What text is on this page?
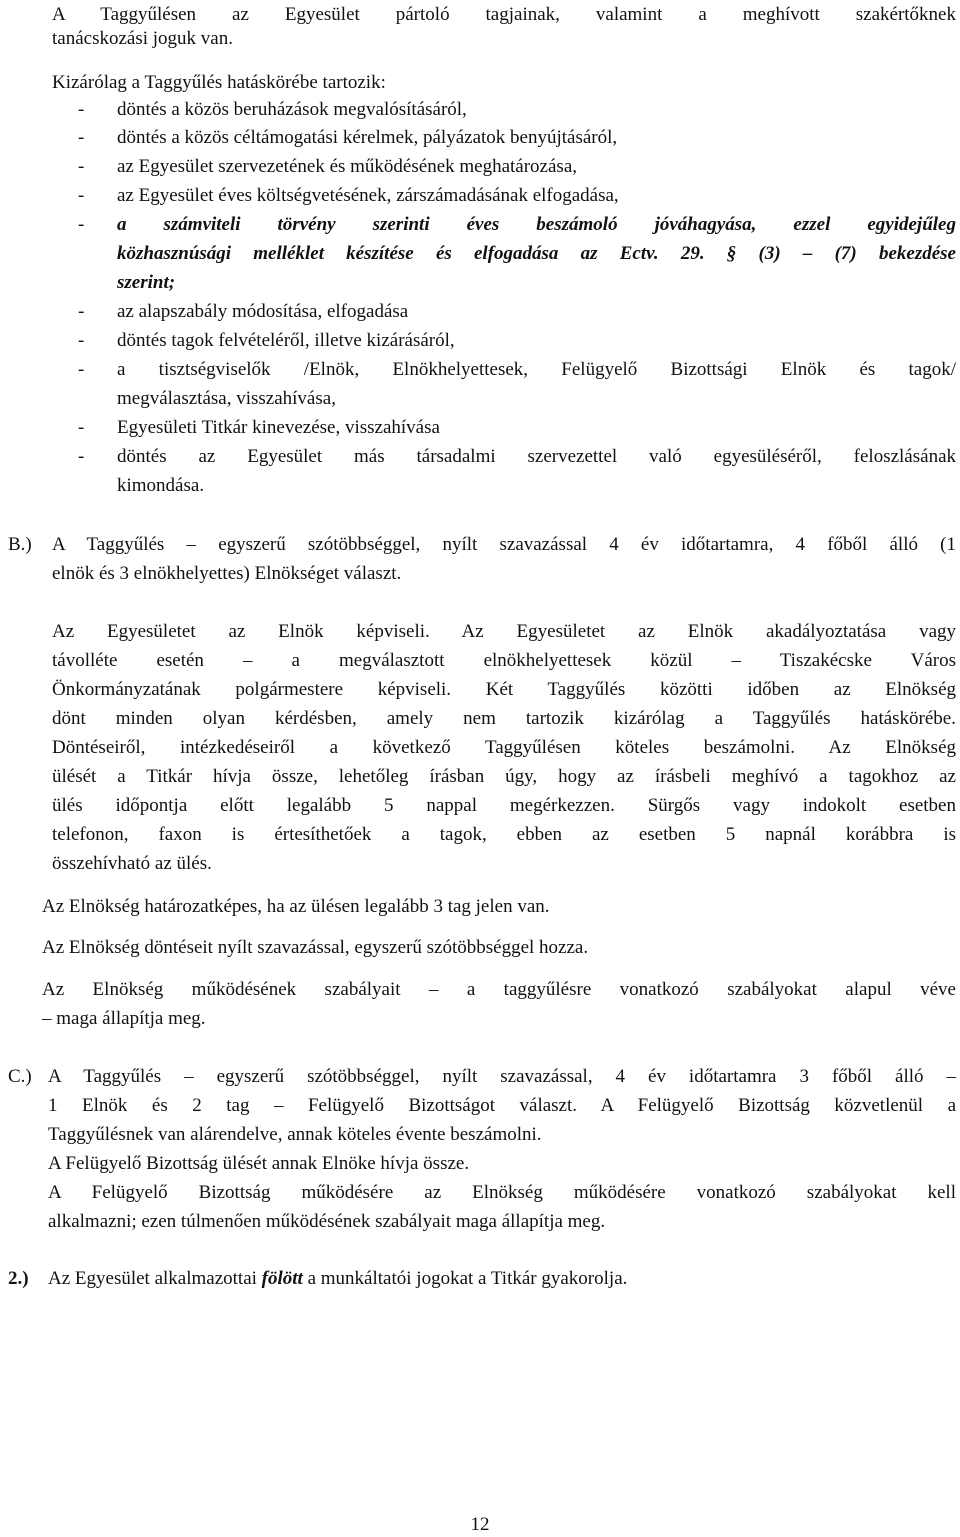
A Taggyűlésen az Egyesület pártoló tagjainak, valamint a meghívott szakértőknek
tanácskozási joguk van.
Kizárólag a Taggyűlés hatáskörébe tartozik:
- döntés a közös beruházások megvalósításáról,
- döntés a közös céltámogatási kérelmek, pályázatok benyújtásáról,
- az Egyesület szervezetének és működésének meghatározása,
- az Egyesület éves költségvetésének, zárszámadásának elfogadása,
- a számviteli törvény szerinti éves beszámoló jóváhagyása, ezzel egyidejűleg
közhasznúsági melléklet készítése és elfogadása az Ectv. 29. § (3) – (7) bekezdése
szerint;
- az alapszabály módosítása, elfogadása
- döntés tagok felvételéről, illetve kizárásáról,
- a tisztségviselők /Elnök, Elnökhelyettesek, Felügyelő Bizottsági Elnök és tagok/
megválasztása, visszahívása,
- Egyesületi Titkár kinevezése, visszahívása
- döntés az Egyesület más társadalmi szervezettel való egyesüléséről, feloszlásának
kimondása.
B.) A Taggyűlés – egyszerű szótöbbséggel, nyílt szavazással 4 év időtartamra, 4 főből álló (1
elnök és 3 elnökhelyettes) Elnökséget választ.
Az Egyesületet az Elnök képviseli. Az Egyesületet az Elnök akadályoztatása vagy
távolléte esetén – a megválasztott elnökhelyettesek közül – Tiszakécske Város
Önkormányzatának polgármestere képviseli. Két Taggyűlés közötti időben az Elnökség
dönt minden olyan kérdésben, amely nem tartozik kizárólag a Taggyűlés hatáskörébe.
Döntéseiről, intézkedéseiről a következő Taggyűlésen köteles beszámolni. Az Elnökség
ülését a Titkár hívja össze, lehetőleg írásban úgy, hogy az írásbeli meghívó a tagokhoz az
ülés időpontja előtt legalább 5 nappal megérkezzen. Sürgős vagy indokolt esetben
telefonon, faxon is értesíthetőek a tagok, ebben az esetben 5 napnál korábbra is
összehívható az ülés.
Az Elnökség határozatképes, ha az ülésen legalább 3 tag jelen van.
Az Elnökség döntéseit nyílt szavazással, egyszerű szótöbbséggel hozza.
Az Elnökség működésének szabályait – a taggyűlésre vonatkozó szabályokat alapul véve
– maga állapítja meg.
C.) A Taggyűlés – egyszerű szótöbbséggel, nyílt szavazással, 4 év időtartamra 3 főből álló –
1 Elnök és 2 tag – Felügyelő Bizottságot választ. A Felügyelő Bizottság közvetlenül a
Taggyűlésnek van alárendelve, annak köteles évente beszámolni.
A Felügyelő Bizottság ülését annak Elnöke hívja össze.
A Felügyelő Bizottság működésére az Elnökség működésére vonatkozó szabályokat kell
alkalmazni; ezen túlmenően működésének szabályait maga állapítja meg.
2.) Az Egyesület alkalmazottai fölött a munkáltatói jogokat a Titkár gyakorolja.
12
